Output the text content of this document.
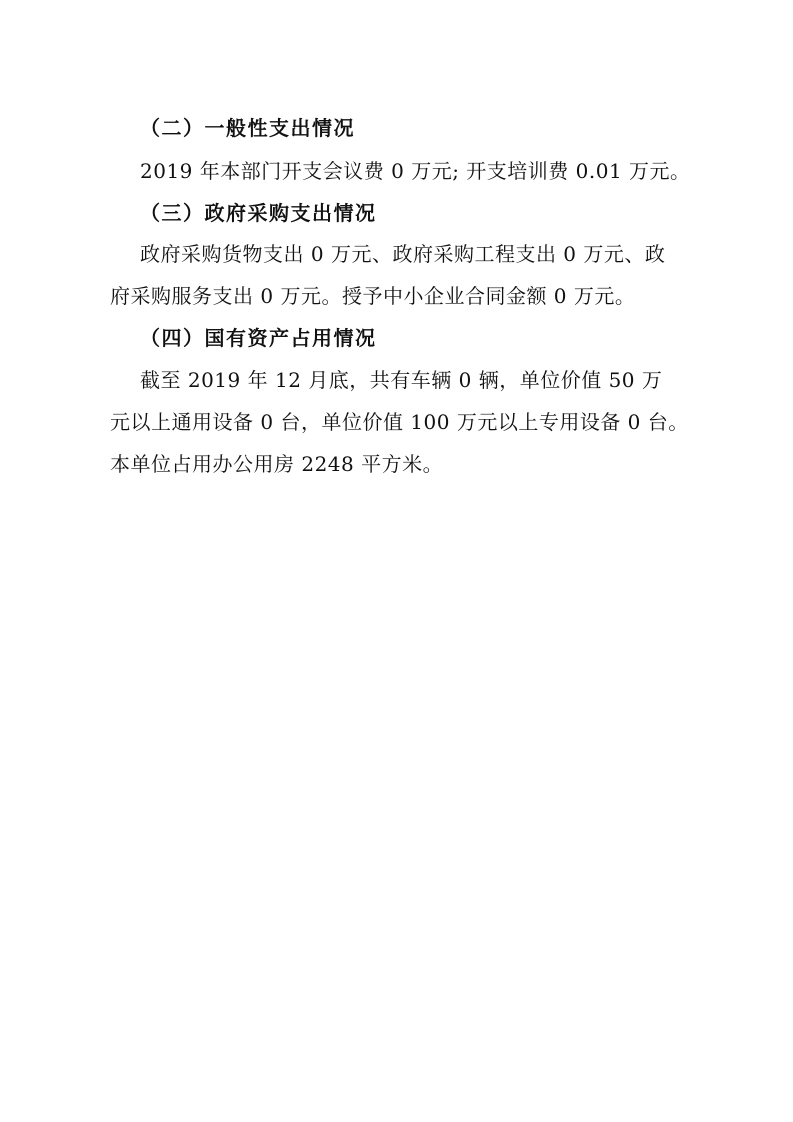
（二）一般性支出情况
2019 年本部门开支会议费 0 万元; 开支培训费 0.01 万元。
（三）政府采购支出情况
政府采购货物支出 0 万元、政府采购工程支出 0 万元、政
府采购服务支出 0 万元。授予中小企业合同金额 0 万元。
（四）国有资产占用情况
截至 2019 年 12 月底，共有车辆 0 辆，单位价值 50 万
元以上通用设备 0 台，单位价值 100 万元以上专用设备 0 台。
本单位占用办公用房 2248 平方米。
